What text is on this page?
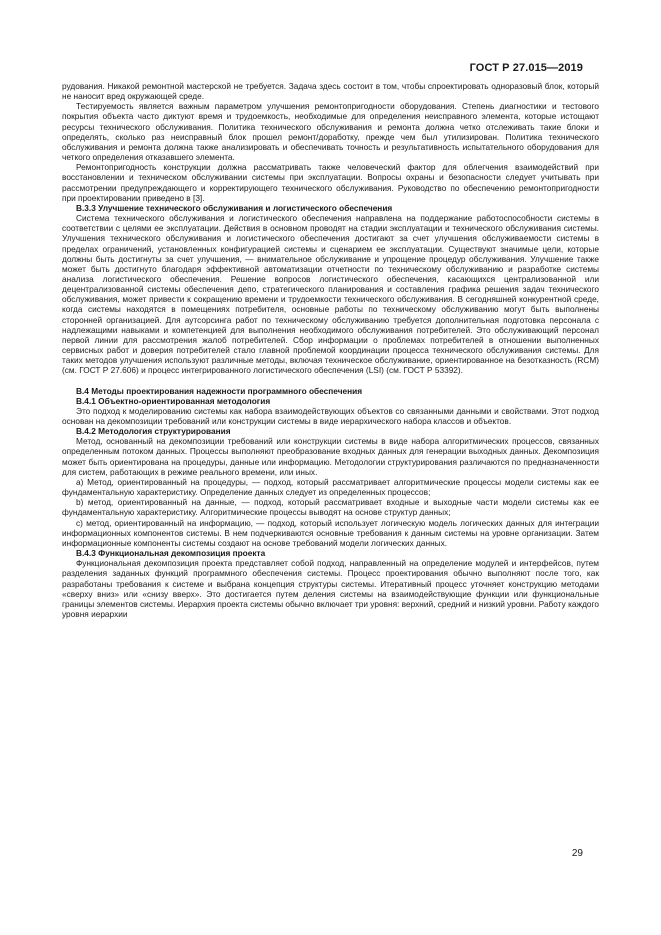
ГОСТ Р 27.015—2019

рудования. Никакой ремонтной мастерской не требуется. Задача здесь состоит в том, чтобы спроектировать одноразовый блок, который не наносит вред окружающей среде.

Тестируемость является важным параметром улучшения ремонтопригодности оборудования. Степень диагностики и тестового покрытия объекта часто диктуют время и трудоемкость, необходимые для определения неисправного элемента, которые истощают ресурсы технического обслуживания. Политика технического обслуживания и ремонта должна четко отслеживать такие блоки и определять, сколько раз неисправный блок прошел ремонт/доработку, прежде чем был утилизирован. Политика технического обслуживания и ремонта должна также анализировать и обеспечивать точность и результативность испытательного оборудования для четкого определения отказавшего элемента.

Ремонтопригодность конструкции должна рассматривать также человеческий фактор для облегчения взаимодействий при восстановлении и техническом обслуживании системы при эксплуатации. Вопросы охраны и безопасности следует учитывать при рассмотрении предупреждающего и корректирующего технического обслуживания. Руководство по обеспечению ремонтопригодности при проектировании приведено в [3].

В.3.3 Улучшение технического обслуживания и логистического обеспечения

Система технического обслуживания и логистического обеспечения направлена на поддержание работоспособности системы в соответствии с целями ее эксплуатации. Действия в основном проводят на стадии эксплуатации и технического обслуживания системы. Улучшения технического обслуживания и логистического обеспечения достигают за счет улучшения обслуживаемости системы в пределах ограничений, установленных конфигурацией системы и сценарием ее эксплуатации. Существуют значимые цели, которые должны быть достигнуты за счет улучшения, — внимательное обслуживание и упрощение процедур обслуживания. Улучшение также может быть достигнуто благодаря эффективной автоматизации отчетности по техническому обслуживанию и разработке системы анализа логистического обеспечения. Решение вопросов логистического обеспечения, касающихся централизованной или децентрализованной системы обеспечения депо, стратегического планирования и составления графика решения задач технического обслуживания, может привести к сокращению времени и трудоемкости технического обслуживания. В сегодняшней конкурентной среде, когда системы находятся в помещениях потребителя, основные работы по техническому обслуживанию могут быть выполнены сторонней организацией. Для аутсорсинга работ по техническому обслуживанию требуется дополнительная подготовка персонала с надлежащими навыками и компетенцией для выполнения необходимого обслуживания потребителей. Это обслуживающий персонал первой линии для рассмотрения жалоб потребителей. Сбор информации о проблемах потребителей в отношении выполненных сервисных работ и доверия потребителей стало главной проблемой координации процесса технического обслуживания системы. Для таких методов улучшения используют различные методы, включая техническое обслуживание, ориентированное на безотказность (RCM) (см. ГОСТ Р 27.606) и процесс интегрированного логистического обеспечения (LSI) (см. ГОСТ Р 53392).

В.4 Методы проектирования надежности программного обеспечения

В.4.1 Объектно-ориентированная методология

Это подход к моделированию системы как набора взаимодействующих объектов со связанными данными и свойствами. Этот подход основан на декомпозиции требований или конструкции системы в виде иерархического набора классов и объектов.

В.4.2 Методология структурирования

Метод, основанный на декомпозиции требований или конструкции системы в виде набора алгоритмических процессов, связанных определенным потоком данных. Процессы выполняют преобразование входных данных для генерации выходных данных. Декомпозиция может быть ориентирована на процедуры, данные или информацию. Методологии структурирования различаются по предназначенности для систем, работающих в режиме реального времени, или иных.

а) Метод, ориентированный на процедуры, — подход, который рассматривает алгоритмические процессы модели системы как ее фундаментальную характеристику. Определение данных следует из определенных процессов;

b) метод, ориентированный на данные, — подход, который рассматривает входные и выходные части модели системы как ее фундаментальную характеристику. Алгоритмические процессы выводят на основе структур данных;

c) метод, ориентированный на информацию, — подход, который использует логическую модель логических данных для интеграции информационных компонентов системы. В нем подчеркиваются основные требования к данным системы на уровне организации. Затем информационные компоненты системы создают на основе требований модели логических данных.

В.4.3 Функциональная декомпозиция проекта

Функциональная декомпозиция проекта представляет собой подход, направленный на определение модулей и интерфейсов, путем разделения заданных функций программного обеспечения системы. Процесс проектирования обычно выполняют после того, как разработаны требования к системе и выбрана концепция структуры системы. Итеративный процесс уточняет конструкцию методами «сверху вниз» или «снизу вверх». Это достигается путем деления системы на взаимодействующие функции или функциональные границы элементов системы. Иерархия проекта системы обычно включает три уровня: верхний, средний и низкий уровни. Работу каждого уровня иерархии

29
